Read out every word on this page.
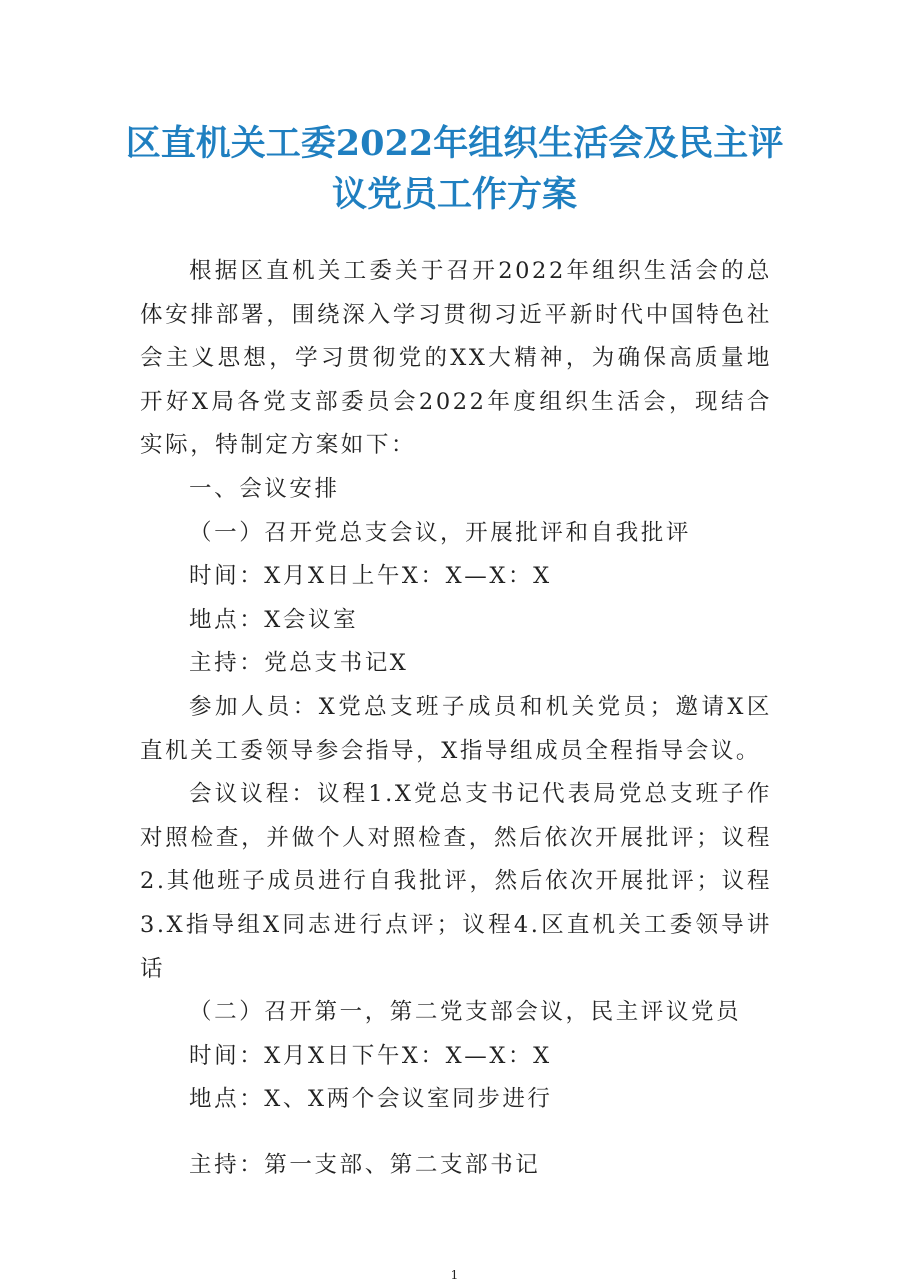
区直机关工委2022年组织生活会及民主评
议党员工作方案

根据区直机关工委关于召开2022年组织生活会的总体安排部署，围绕深入学习贯彻习近平新时代中国特色社会主义思想，学习贯彻党的XX大精神，为确保高质量地开好X局各党支部委员会2022年度组织生活会，现结合实际，特制定方案如下：

一、会议安排

（一）召开党总支会议，开展批评和自我批评

时间：X月X日上午X：X—X：X

地点：X会议室

主持：党总支书记X

参加人员：X党总支班子成员和机关党员；邀请X区直机关工委领导参会指导，X指导组成员全程指导会议。

会议议程：议程1.X党总支书记代表局党总支班子作对照检查，并做个人对照检查，然后依次开展批评；议程2.其他班子成员进行自我批评，然后依次开展批评；议程3.X指导组X同志进行点评；议程4.区直机关工委领导讲话

（二）召开第一，第二党支部会议，民主评议党员

时间：X月X日下午X：X—X：X

地点：X、X两个会议室同步进行

主持：第一支部、第二支部书记

1
